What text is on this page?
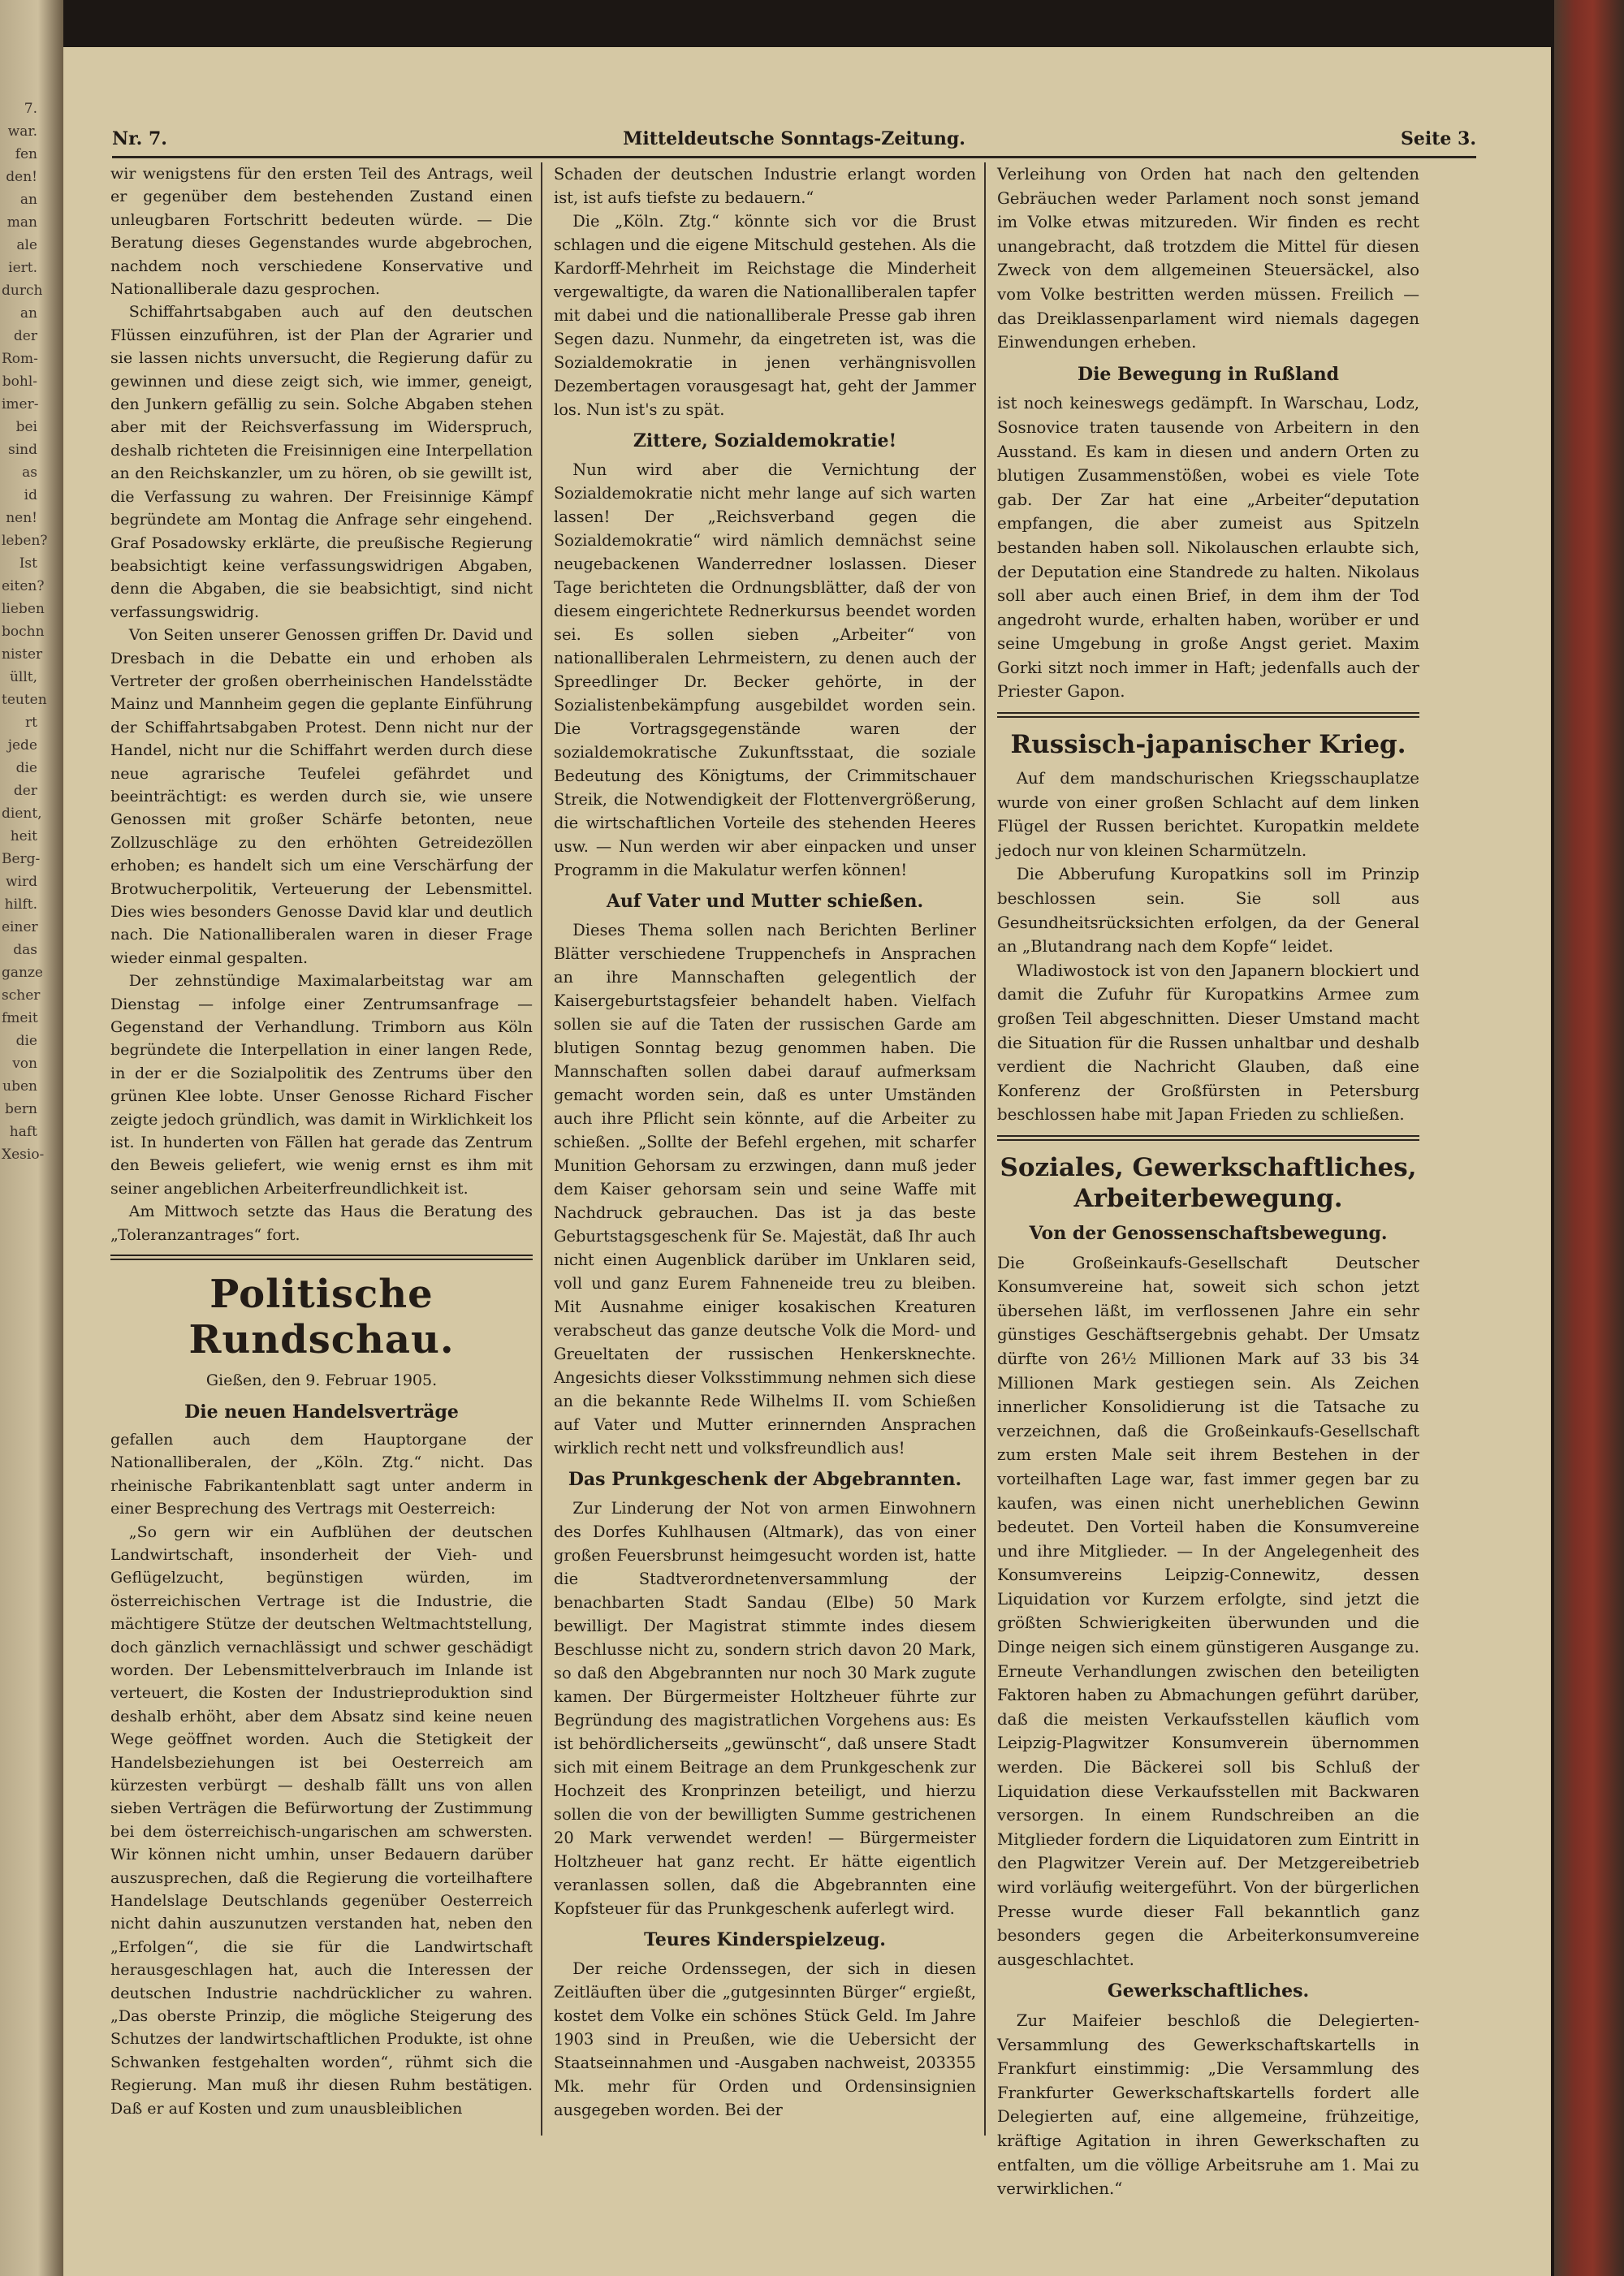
7.
war.
fen
den!
an
man
ale
iert.
durch
an
der
Rom-
bohl-
imer-
bei
sind
as
id
nen!
leben?
Ist
eiten?
lieben
bochn
nister
üllt,
teuten
rt
jede
die
der
dient,
heit
Berg-
wird
hilft.
einer
das
ganze
scher
fmeit
die
von
uben
bern
haft
Xesio-
Nr. 7.	Mitteldeutsche Sonntags-Zeitung.	Seite 3.

wir wenigstens für den ersten Teil des Antrags, weil er gegenüber dem bestehenden Zustand einen unleugbaren Fortschritt bedeuten würde. — Die Beratung dieses Gegenstandes wurde abgebrochen, nachdem noch verschiedene Konservative und Nationalliberale dazu gesprochen.

Schiffahrtsabgaben auch auf den deutschen Flüssen einzuführen, ist der Plan der Agrarier und sie lassen nichts unversucht, die Regierung dafür zu gewinnen und diese zeigt sich, wie immer, geneigt, den Junkern gefällig zu sein. Solche Abgaben stehen aber mit der Reichsverfassung im Widerspruch, deshalb richteten die Freisinnigen eine Interpellation an den Reichskanzler, um zu hören, ob sie gewillt ist, die Verfassung zu wahren. Der Freisinnige Kämpf begründete am Montag die Anfrage sehr eingehend. Graf Posadowsky erklärte, die preußische Regierung beabsichtigt keine verfassungswidrigen Abgaben, denn die Abgaben, die sie beabsichtigt, sind nicht verfassungswidrig.

Von Seiten unserer Genossen griffen Dr. David und Dresbach in die Debatte ein und erhoben als Vertreter der großen oberrheinischen Handelsstädte Mainz und Mannheim gegen die geplante Einführung der Schiffahrtsabgaben Protest. Denn nicht nur der Handel, nicht nur die Schiffahrt werden durch diese neue agrarische Teufelei gefährdet und beeinträchtigt: es werden durch sie, wie unsere Genossen mit großer Schärfe betonten, neue Zollzuschläge zu den erhöhten Getreidezöllen erhoben; es handelt sich um eine Verschärfung der Brotwucherpolitik, Verteuerung der Lebensmittel. Dies wies besonders Genosse David klar und deutlich nach. Die Nationalliberalen waren in dieser Frage wieder einmal gespalten.

Der zehnstündige Maximalarbeitstag war am Dienstag — infolge einer Zentrumsanfrage — Gegenstand der Verhandlung. Trimborn aus Köln begründete die Interpellation in einer langen Rede, in der er die Sozialpolitik des Zentrums über den grünen Klee lobte. Unser Genosse Richard Fischer zeigte jedoch gründlich, was damit in Wirklichkeit los ist. In hunderten von Fällen hat gerade das Zentrum den Beweis geliefert, wie wenig ernst es ihm mit seiner angeblichen Arbeiterfreundlichkeit ist.

Am Mittwoch setzte das Haus die Beratung des „Toleranzantrages“ fort.

Politische Rundschau.
Gießen, den 9. Februar 1905.
Die neuen Handelsverträge

gefallen auch dem Hauptorgane der Nationalliberalen, der „Köln. Ztg.“ nicht. Das rheinische Fabrikantenblatt sagt unter anderm in einer Besprechung des Vertrags mit Oesterreich:

„So gern wir ein Aufblühen der deutschen Landwirtschaft, insonderheit der Vieh- und Geflügelzucht, begünstigen würden, im österreichischen Vertrage ist die Industrie, die mächtigere Stütze der deutschen Weltmachtstellung, doch gänzlich vernachlässigt und schwer geschädigt worden. Der Lebensmittelverbrauch im Inlande ist verteuert, die Kosten der Industrieproduktion sind deshalb erhöht, aber dem Absatz sind keine neuen Wege geöffnet worden. Auch die Stetigkeit der Handelsbeziehungen ist bei Oesterreich am kürzesten verbürgt — deshalb fällt uns von allen sieben Verträgen die Befürwortung der Zustimmung bei dem österreichisch-ungarischen am schwersten. Wir können nicht umhin, unser Bedauern darüber auszusprechen, daß die Regierung die vorteilhaftere Handelslage Deutschlands gegenüber Oesterreich nicht dahin auszunutzen verstanden hat, neben den „Erfolgen“, die sie für die Landwirtschaft herausgeschlagen hat, auch die Interessen der deutschen Industrie nachdrücklicher zu wahren. „Das oberste Prinzip, die mögliche Steigerung des Schutzes der landwirtschaftlichen Produkte, ist ohne Schwanken festgehalten worden“, rühmt sich die Regierung. Man muß ihr diesen Ruhm bestätigen. Daß er auf Kosten und zum unausbleiblichen

Schaden der deutschen Industrie erlangt worden ist, ist aufs tiefste zu bedauern.“

Die „Köln. Ztg.“ könnte sich vor die Brust schlagen und die eigene Mitschuld gestehen. Als die Kardorff-Mehrheit im Reichstage die Minderheit vergewaltigte, da waren die Nationalliberalen tapfer mit dabei und die nationalliberale Presse gab ihren Segen dazu. Nunmehr, da eingetreten ist, was die Sozialdemokratie in jenen verhängnisvollen Dezembertagen vorausgesagt hat, geht der Jammer los. Nun ist's zu spät.

Zittere, Sozialdemokratie!

Nun wird aber die Vernichtung der Sozialdemokratie nicht mehr lange auf sich warten lassen! Der „Reichsverband gegen die Sozialdemokratie“ wird nämlich demnächst seine neugebackenen Wanderredner loslassen. Dieser Tage berichteten die Ordnungsblätter, daß der von diesem eingerichtete Rednerkursus beendet worden sei. Es sollen sieben „Arbeiter“ von nationalliberalen Lehrmeistern, zu denen auch der Spreedlinger Dr. Becker gehörte, in der Sozialistenbekämpfung ausgebildet worden sein. Die Vortragsgegenstände waren der sozialdemokratische Zukunftsstaat, die soziale Bedeutung des Königtums, der Crimmitschauer Streik, die Notwendigkeit der Flottenvergrößerung, die wirtschaftlichen Vorteile des stehenden Heeres usw. — Nun werden wir aber einpacken und unser Programm in die Makulatur werfen können!

Auf Vater und Mutter schießen.

Dieses Thema sollen nach Berichten Berliner Blätter verschiedene Truppenchefs in Ansprachen an ihre Mannschaften gelegentlich der Kaisergeburtstagsfeier behandelt haben. Vielfach sollen sie auf die Taten der russischen Garde am blutigen Sonntag bezug genommen haben. Die Mannschaften sollen dabei darauf aufmerksam gemacht worden sein, daß es unter Umständen auch ihre Pflicht sein könnte, auf die Arbeiter zu schießen. „Sollte der Befehl ergehen, mit scharfer Munition Gehorsam zu erzwingen, dann muß jeder dem Kaiser gehorsam sein und seine Waffe mit Nachdruck gebrauchen. Das ist ja das beste Geburtstagsgeschenk für Se. Majestät, daß Ihr auch nicht einen Augenblick darüber im Unklaren seid, voll und ganz Eurem Fahneneide treu zu bleiben. Mit Ausnahme einiger kosakischen Kreaturen verabscheut das ganze deutsche Volk die Mord- und Greueltaten der russischen Henkersknechte. Angesichts dieser Volksstimmung nehmen sich diese an die bekannte Rede Wilhelms II. vom Schießen auf Vater und Mutter erinnernden Ansprachen wirklich recht nett und volksfreundlich aus!

Das Prunkgeschenk der Abgebrannten.

Zur Linderung der Not von armen Einwohnern des Dorfes Kuhlhausen (Altmark), das von einer großen Feuersbrunst heimgesucht worden ist, hatte die Stadtverordnetenversammlung der benachbarten Stadt Sandau (Elbe) 50 Mark bewilligt. Der Magistrat stimmte indes diesem Beschlusse nicht zu, sondern strich davon 20 Mark, so daß den Abgebrannten nur noch 30 Mark zugute kamen. Der Bürgermeister Holtzheuer führte zur Begründung des magistratlichen Vorgehens aus: Es ist behördlicherseits „gewünscht“, daß unsere Stadt sich mit einem Beitrage an dem Prunkgeschenk zur Hochzeit des Kronprinzen beteiligt, und hierzu sollen die von der bewilligten Summe gestrichenen 20 Mark verwendet werden! — Bürgermeister Holtzheuer hat ganz recht. Er hätte eigentlich veranlassen sollen, daß die Abgebrannten eine Kopfsteuer für das Prunkgeschenk auferlegt wird.

Teures Kinderspielzeug.

Der reiche Ordenssegen, der sich in diesen Zeitläuften über die „gutgesinnten Bürger“ ergießt, kostet dem Volke ein schönes Stück Geld. Im Jahre 1903 sind in Preußen, wie die Uebersicht der Staatseinnahmen und -Ausgaben nachweist, 203355 Mk. mehr für Orden und Ordensinsignien ausgegeben worden. Bei der

Verleihung von Orden hat nach den geltenden Gebräuchen weder Parlament noch sonst jemand im Volke etwas mitzureden. Wir finden es recht unangebracht, daß trotzdem die Mittel für diesen Zweck von dem allgemeinen Steuersäckel, also vom Volke bestritten werden müssen. Freilich — das Dreiklassenparlament wird niemals dagegen Einwendungen erheben.

Die Bewegung in Rußland

ist noch keineswegs gedämpft. In Warschau, Lodz, Sosnovice traten tausende von Arbeitern in den Ausstand. Es kam in diesen und andern Orten zu blutigen Zusammenstößen, wobei es viele Tote gab. Der Zar hat eine „Arbeiter“deputation empfangen, die aber zumeist aus Spitzeln bestanden haben soll. Nikolauschen erlaubte sich, der Deputation eine Standrede zu halten. Nikolaus soll aber auch einen Brief, in dem ihm der Tod angedroht wurde, erhalten haben, worüber er und seine Umgebung in große Angst geriet. Maxim Gorki sitzt noch immer in Haft; jedenfalls auch der Priester Gapon.

Russisch-japanischer Krieg.

Auf dem mandschurischen Kriegsschauplatze wurde von einer großen Schlacht auf dem linken Flügel der Russen berichtet. Kuropatkin meldete jedoch nur von kleinen Scharmützeln.

Die Abberufung Kuropatkins soll im Prinzip beschlossen sein. Sie soll aus Gesundheitsrücksichten erfolgen, da der General an „Blutandrang nach dem Kopfe“ leidet.

Wladiwostock ist von den Japanern blockiert und damit die Zufuhr für Kuropatkins Armee zum großen Teil abgeschnitten. Dieser Umstand macht die Situation für die Russen unhaltbar und deshalb verdient die Nachricht Glauben, daß eine Konferenz der Großfürsten in Petersburg beschlossen habe mit Japan Frieden zu schließen.

Soziales, Gewerkschaftliches, Arbeiterbewegung.
Von der Genossenschaftsbewegung.

Die Großeinkaufs-Gesellschaft Deutscher Konsumvereine hat, soweit sich schon jetzt übersehen läßt, im verflossenen Jahre ein sehr günstiges Geschäftsergebnis gehabt. Der Umsatz dürfte von 26½ Millionen Mark auf 33 bis 34 Millionen Mark gestiegen sein. Als Zeichen innerlicher Konsolidierung ist die Tatsache zu verzeichnen, daß die Großeinkaufs-Gesellschaft zum ersten Male seit ihrem Bestehen in der vorteilhaften Lage war, fast immer gegen bar zu kaufen, was einen nicht unerheblichen Gewinn bedeutet. Den Vorteil haben die Konsumvereine und ihre Mitglieder. — In der Angelegenheit des Konsumvereins Leipzig-Connewitz, dessen Liquidation vor Kurzem erfolgte, sind jetzt die größten Schwierigkeiten überwunden und die Dinge neigen sich einem günstigeren Ausgange zu. Erneute Verhandlungen zwischen den beteiligten Faktoren haben zu Abmachungen geführt darüber, daß die meisten Verkaufsstellen käuflich vom Leipzig-Plagwitzer Konsumverein übernommen werden. Die Bäckerei soll bis Schluß der Liquidation diese Verkaufsstellen mit Backwaren versorgen. In einem Rundschreiben an die Mitglieder fordern die Liquidatoren zum Eintritt in den Plagwitzer Verein auf. Der Metzgereibetrieb wird vorläufig weitergeführt. Von der bürgerlichen Presse wurde dieser Fall bekanntlich ganz besonders gegen die Arbeiterkonsumvereine ausgeschlachtet.

Gewerkschaftliches.

Zur Maifeier beschloß die Delegierten-Versammlung des Gewerkschaftskartells in Frankfurt einstimmig: „Die Versammlung des Frankfurter Gewerkschaftskartells fordert alle Delegierten auf, eine allgemeine, frühzeitige, kräftige Agitation in ihren Gewerkschaften zu entfalten, um die völlige Arbeitsruhe am 1. Mai zu verwirklichen.“
